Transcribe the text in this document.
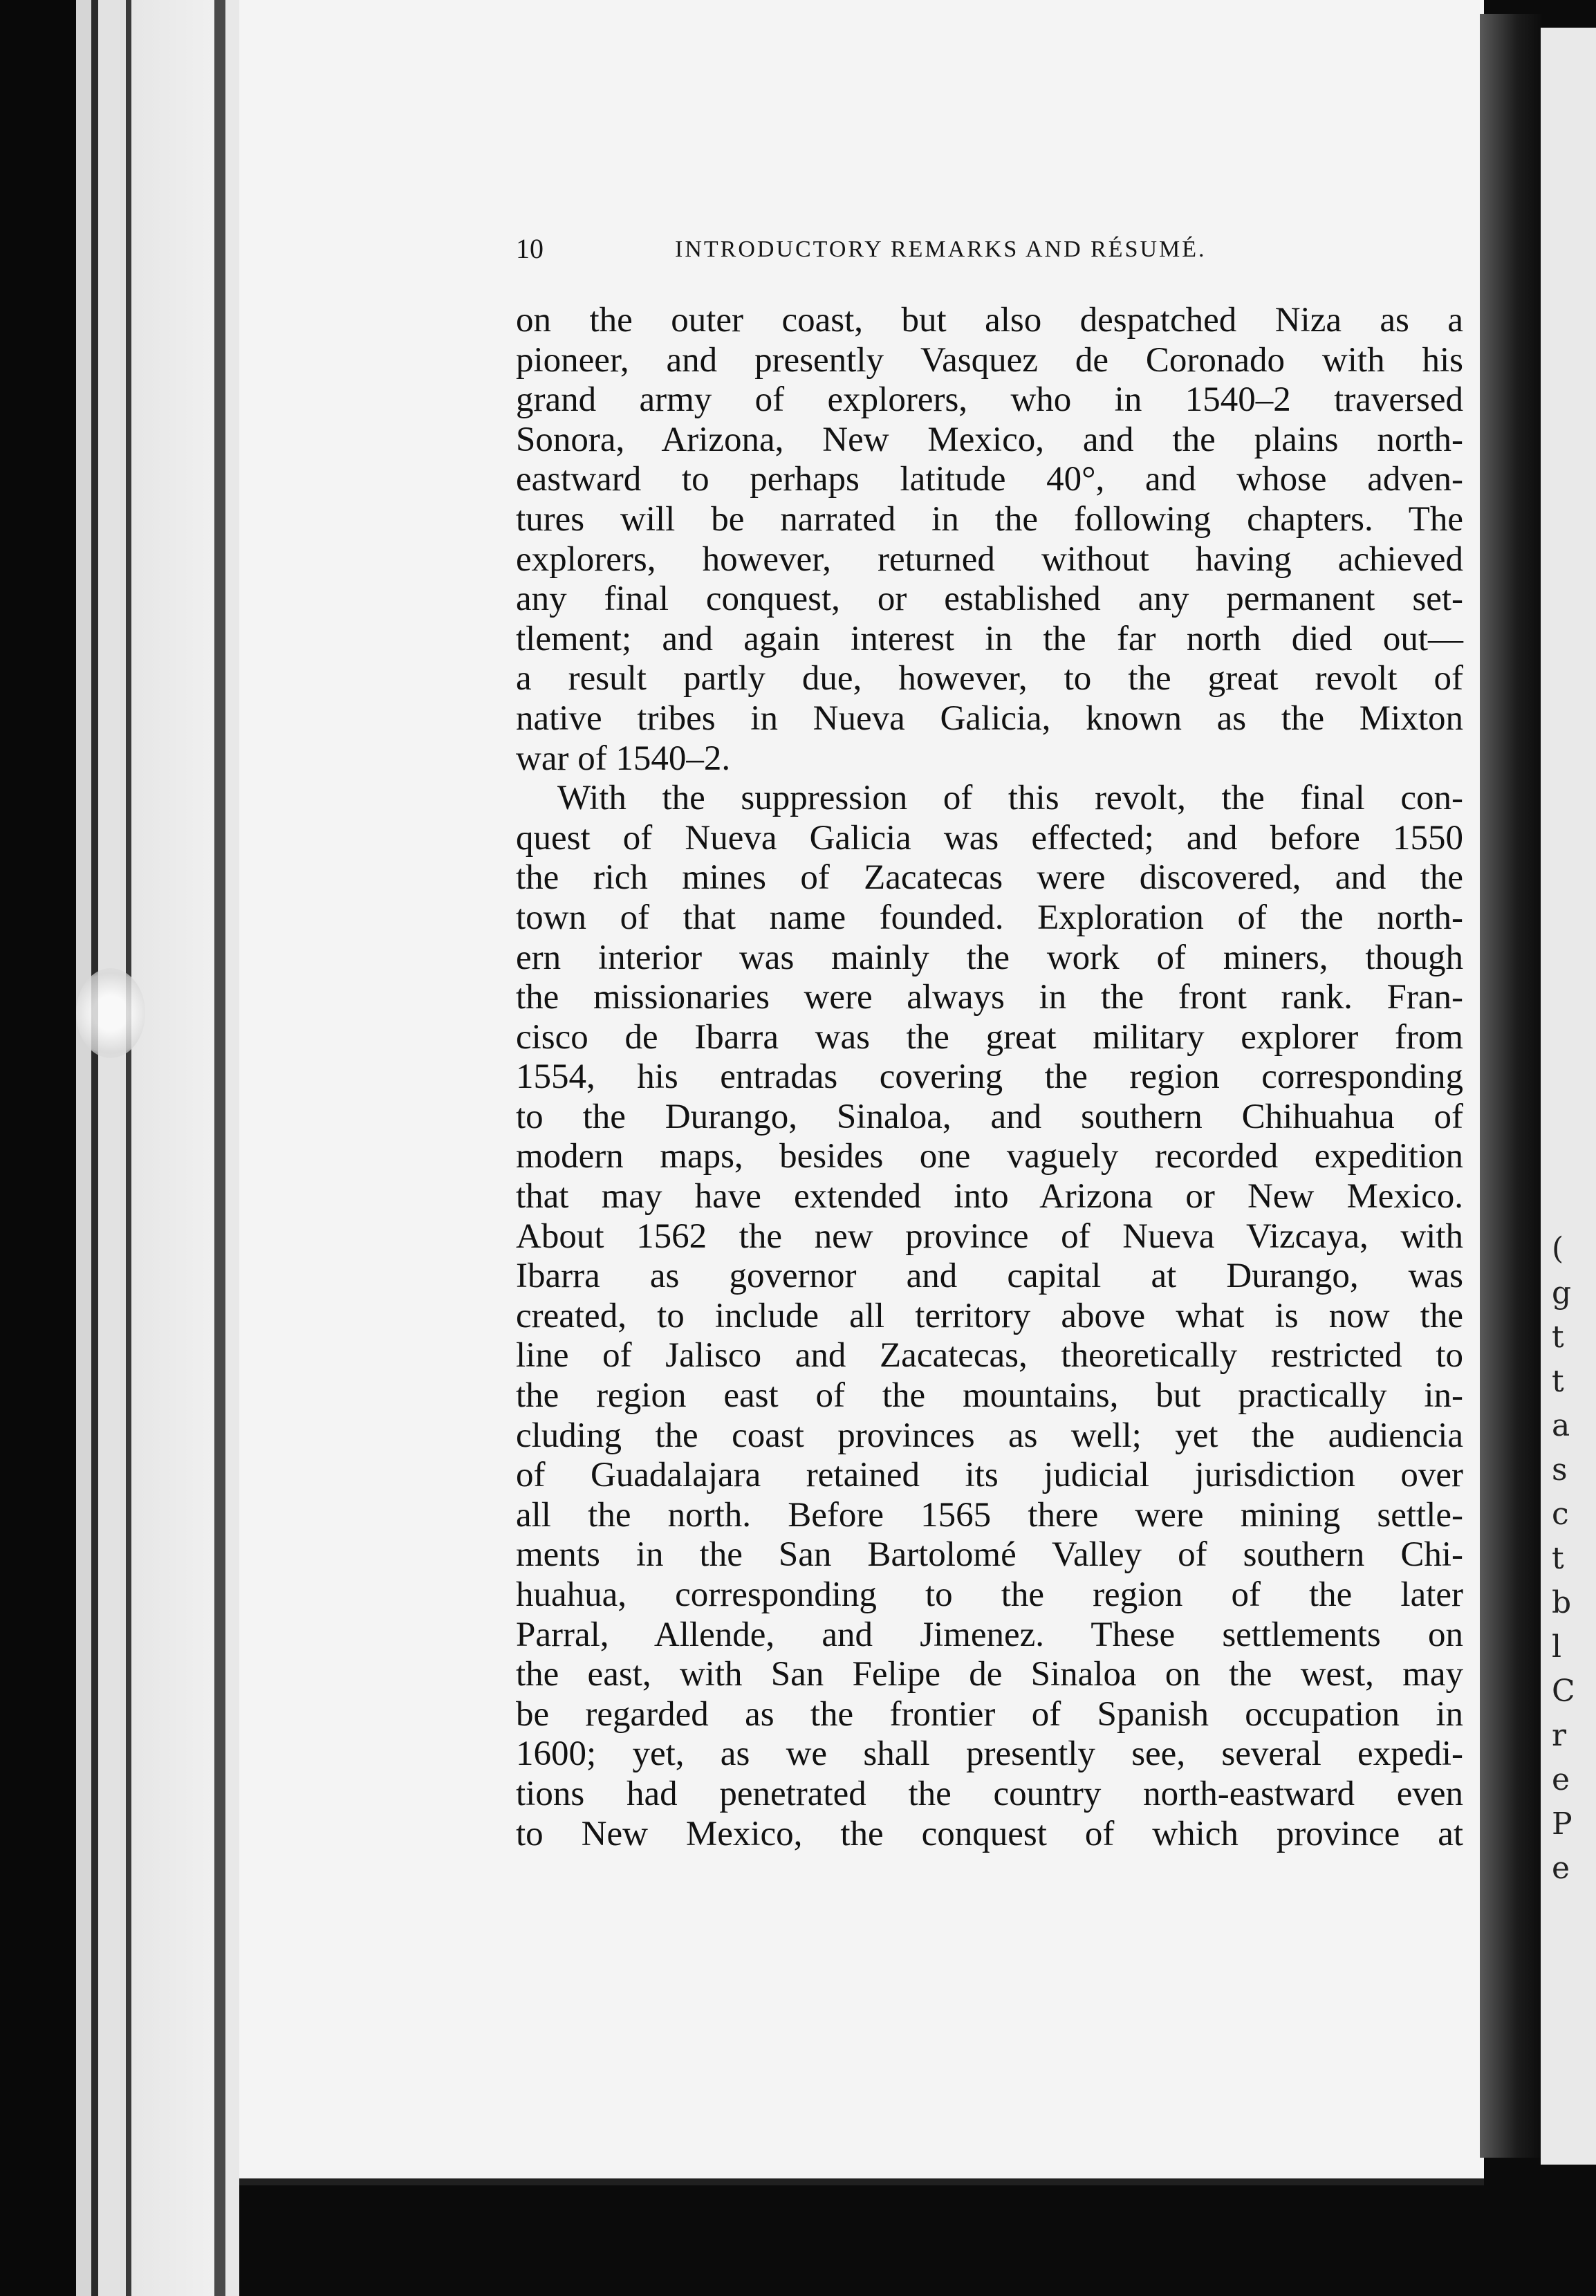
10	INTRODUCTORY REMARKS AND RÉSUMÉ.
on the outer coast, but also despatched Niza as a
pioneer, and presently Vasquez de Coronado with his
grand army of explorers, who in 1540–2 traversed
Sonora, Arizona, New Mexico, and the plains north-
eastward to perhaps latitude 40°, and whose adven-
tures will be narrated in the following chapters. The
explorers, however, returned without having achieved
any final conquest, or established any permanent set-
tlement; and again interest in the far north died out—
a result partly due, however, to the great revolt of
native tribes in Nueva Galicia, known as the Mixton
war of 1540–2.
With the suppression of this revolt, the final con-
quest of Nueva Galicia was effected; and before 1550
the rich mines of Zacatecas were discovered, and the
town of that name founded. Exploration of the north-
ern interior was mainly the work of miners, though
the missionaries were always in the front rank. Fran-
cisco de Ibarra was the great military explorer from
1554, his entradas covering the region corresponding
to the Durango, Sinaloa, and southern Chihuahua of
modern maps, besides one vaguely recorded expedition
that may have extended into Arizona or New Mexico.
About 1562 the new province of Nueva Vizcaya, with
Ibarra as governor and capital at Durango, was
created, to include all territory above what is now the
line of Jalisco and Zacatecas, theoretically restricted to
the region east of the mountains, but practically in-
cluding the coast provinces as well; yet the audiencia
of Guadalajara retained its judicial jurisdiction over
all the north. Before 1565 there were mining settle-
ments in the San Bartolomé Valley of southern Chi-
huahua, corresponding to the region of the later
Parral, Allende, and Jimenez. These settlements on
the east, with San Felipe de Sinaloa on the west, may
be regarded as the frontier of Spanish occupation in
1600; yet, as we shall presently see, several expedi-
tions had penetrated the country north-eastward even
to New Mexico, the conquest of which province at
(
g
t
t
a
s
c
t
b
l
C
r
e
P
e
